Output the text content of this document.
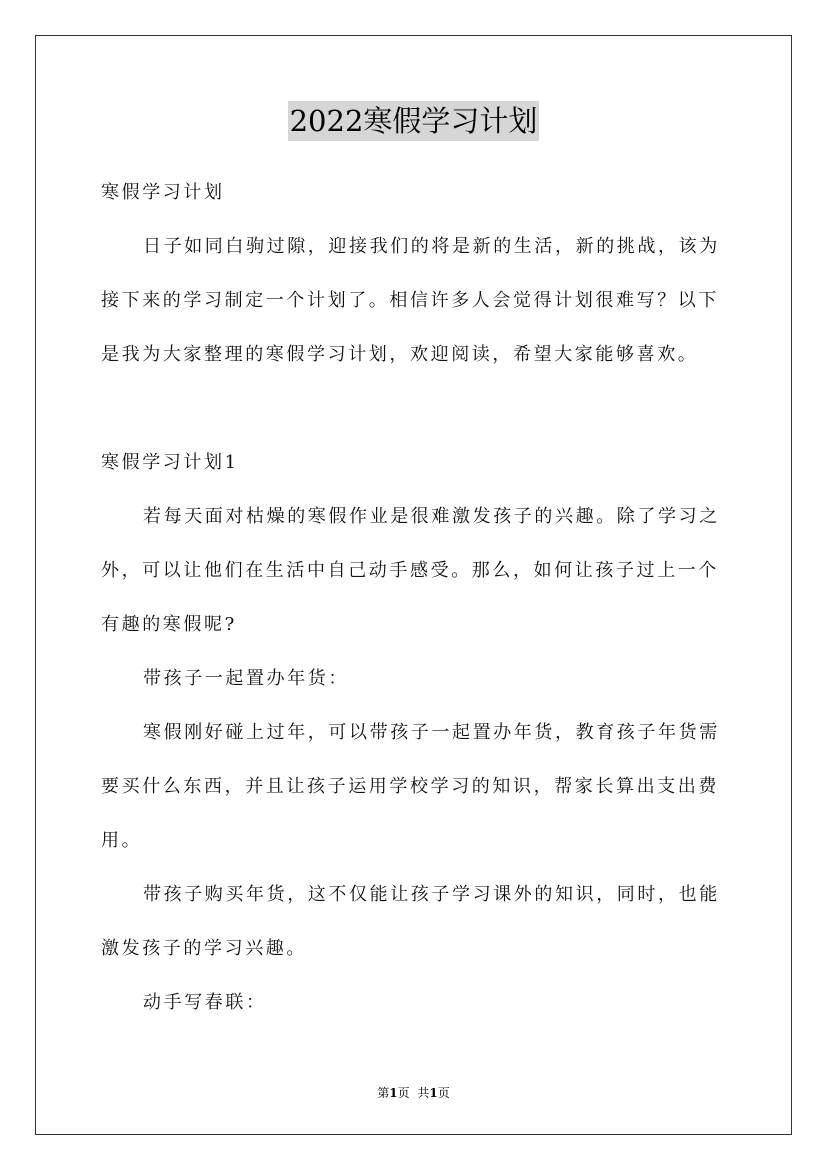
2022寒假学习计划

寒假学习计划

日子如同白驹过隙，迎接我们的将是新的生活，新的挑战，该为
接下来的学习制定一个计划了。相信许多人会觉得计划很难写？以下
是我为大家整理的寒假学习计划，欢迎阅读，希望大家能够喜欢。

寒假学习计划1

若每天面对枯燥的寒假作业是很难激发孩子的兴趣。除了学习之
外，可以让他们在生活中自己动手感受。那么，如何让孩子过上一个
有趣的寒假呢?

带孩子一起置办年货：

寒假刚好碰上过年，可以带孩子一起置办年货，教育孩子年货需
要买什么东西，并且让孩子运用学校学习的知识，帮家长算出支出费
用。

带孩子购买年货，这不仅能让孩子学习课外的知识，同时，也能
激发孩子的学习兴趣。

动手写春联：

第1页 共1页
